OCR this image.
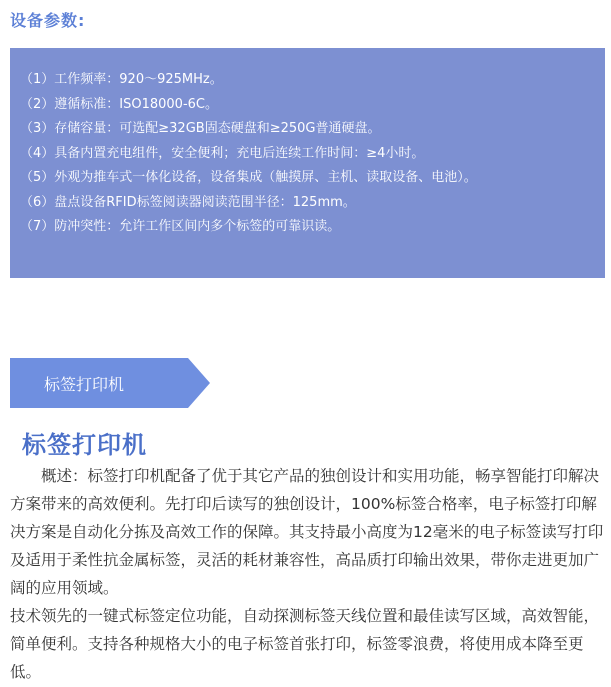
设备参数:
（1）工作频率：920～925MHz。
（2）遵循标准：ISO18000-6C。
（3）存储容量：可选配≥32GB固态硬盘和≥250G普通硬盘。
（4）具备内置充电组件，安全便利；充电后连续工作时间：≥4小时。
（5）外观为推车式一体化设备，设备集成（触摸屏、主机、读取设备、电池）。
（6）盘点设备RFID标签阅读器阅读范围半径：125mm。
（7）防冲突性：允许工作区间内多个标签的可靠识读。
标签打印机
标签打印机

概述：标签打印机配备了优于其它产品的独创设计和实用功能，畅享智能打印解决方案带来的高效便利。先打印后读写的独创设计，100%标签合格率，电子标签打印解决方案是自动化分拣及高效工作的保障。其支持最小高度为12毫米的电子标签读写打印及适用于柔性抗金属标签，灵活的耗材兼容性，高品质打印输出效果，带你走进更加广阔的应用领域。

技术领先的一键式标签定位功能，自动探测标签天线位置和最佳读写区域，高效智能，简单便利。支持各种规格大小的电子标签首张打印，标签零浪费，将使用成本降至更低。
